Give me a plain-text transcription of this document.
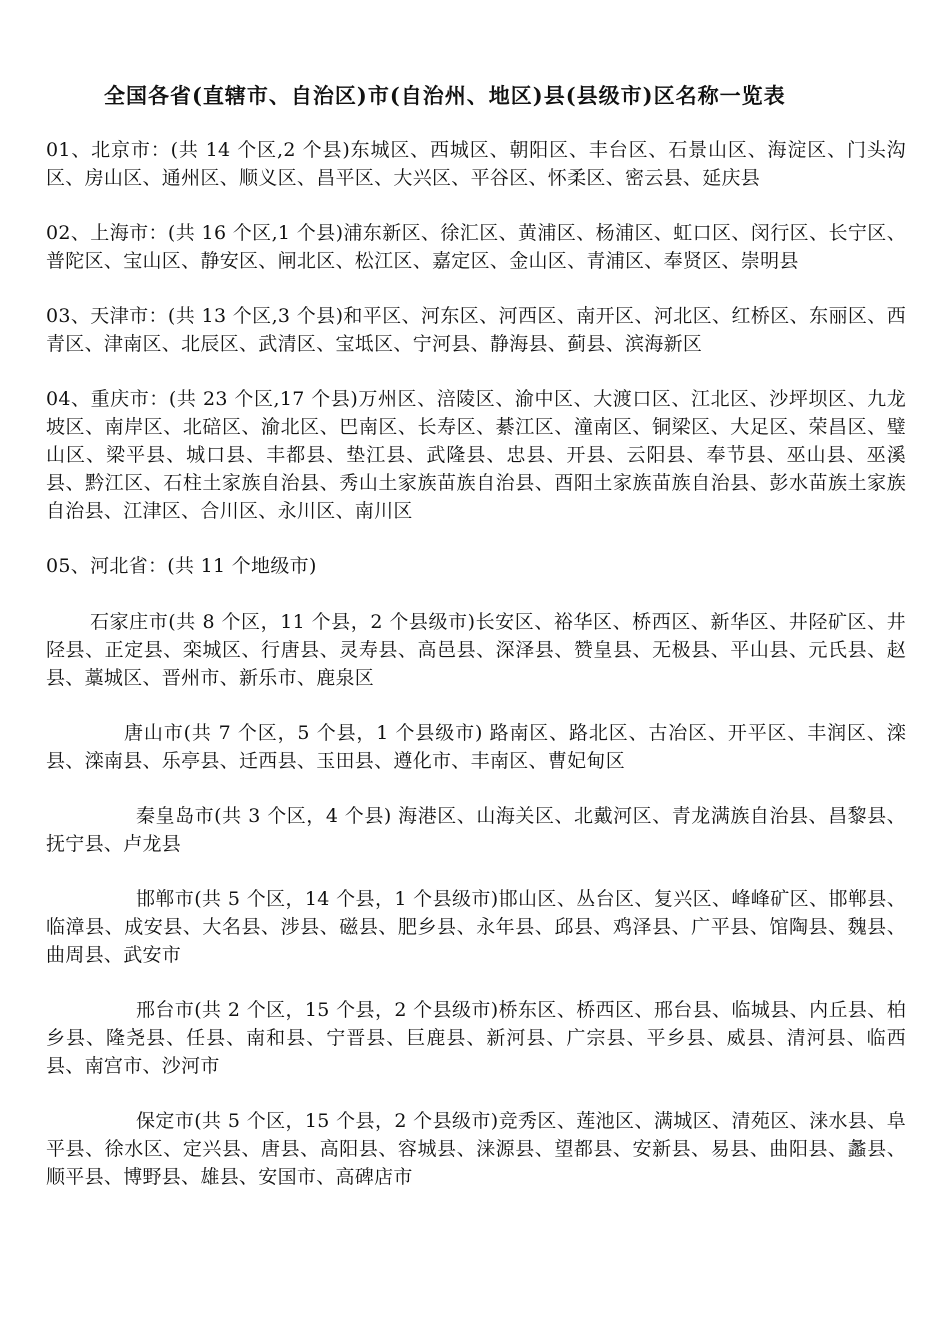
全国各省(直辖市、自治区)市(自治州、地区)县(县级市)区名称一览表

01、北京市：(共 14 个区,2 个县)东城区、西城区、朝阳区、丰台区、石景山区、海淀区、门头沟区、房山区、通州区、顺义区、昌平区、大兴区、平谷区、怀柔区、密云县、延庆县

02、上海市：(共 16 个区,1 个县)浦东新区、徐汇区、黄浦区、杨浦区、虹口区、闵行区、长宁区、普陀区、宝山区、静安区、闸北区、松江区、嘉定区、金山区、青浦区、奉贤区、崇明县

03、天津市：(共 13 个区,3 个县)和平区、河东区、河西区、南开区、河北区、红桥区、东丽区、西青区、津南区、北辰区、武清区、宝坻区、宁河县、静海县、蓟县、滨海新区

04、重庆市：(共 23 个区,17 个县)万州区、涪陵区、渝中区、大渡口区、江北区、沙坪坝区、九龙坡区、南岸区、北碚区、渝北区、巴南区、长寿区、綦江区、潼南区、铜梁区、大足区、荣昌区、璧山区、梁平县、城口县、丰都县、垫江县、武隆县、忠县、开县、云阳县、奉节县、巫山县、巫溪县、黔江区、石柱土家族自治县、秀山土家族苗族自治县、酉阳土家族苗族自治县、彭水苗族土家族自治县、江津区、合川区、永川区、南川区

05、河北省：(共 11 个地级市)

石家庄市(共 8 个区，11 个县，2 个县级市)长安区、裕华区、桥西区、新华区、井陉矿区、井陉县、正定县、栾城区、行唐县、灵寿县、高邑县、深泽县、赞皇县、无极县、平山县、元氏县、赵县、藁城区、晋州市、新乐市、鹿泉区

唐山市(共 7 个区，5 个县，1 个县级市) 路南区、路北区、古冶区、开平区、丰润区、滦县、滦南县、乐亭县、迁西县、玉田县、遵化市、丰南区、曹妃甸区

秦皇岛市(共 3 个区，4 个县) 海港区、山海关区、北戴河区、青龙满族自治县、昌黎县、抚宁县、卢龙县

邯郸市(共 5 个区，14 个县，1 个县级市)邯山区、丛台区、复兴区、峰峰矿区、邯郸县、临漳县、成安县、大名县、涉县、磁县、肥乡县、永年县、邱县、鸡泽县、广平县、馆陶县、魏县、曲周县、武安市

邢台市(共 2 个区，15 个县，2 个县级市)桥东区、桥西区、邢台县、临城县、内丘县、柏乡县、隆尧县、任县、南和县、宁晋县、巨鹿县、新河县、广宗县、平乡县、威县、清河县、临西县、南宫市、沙河市

保定市(共 5 个区，15 个县，2 个县级市)竞秀区、莲池区、满城区、清苑区、涞水县、阜平县、徐水区、定兴县、唐县、高阳县、容城县、涞源县、望都县、安新县、易县、曲阳县、蠡县、顺平县、博野县、雄县、安国市、高碑店市
